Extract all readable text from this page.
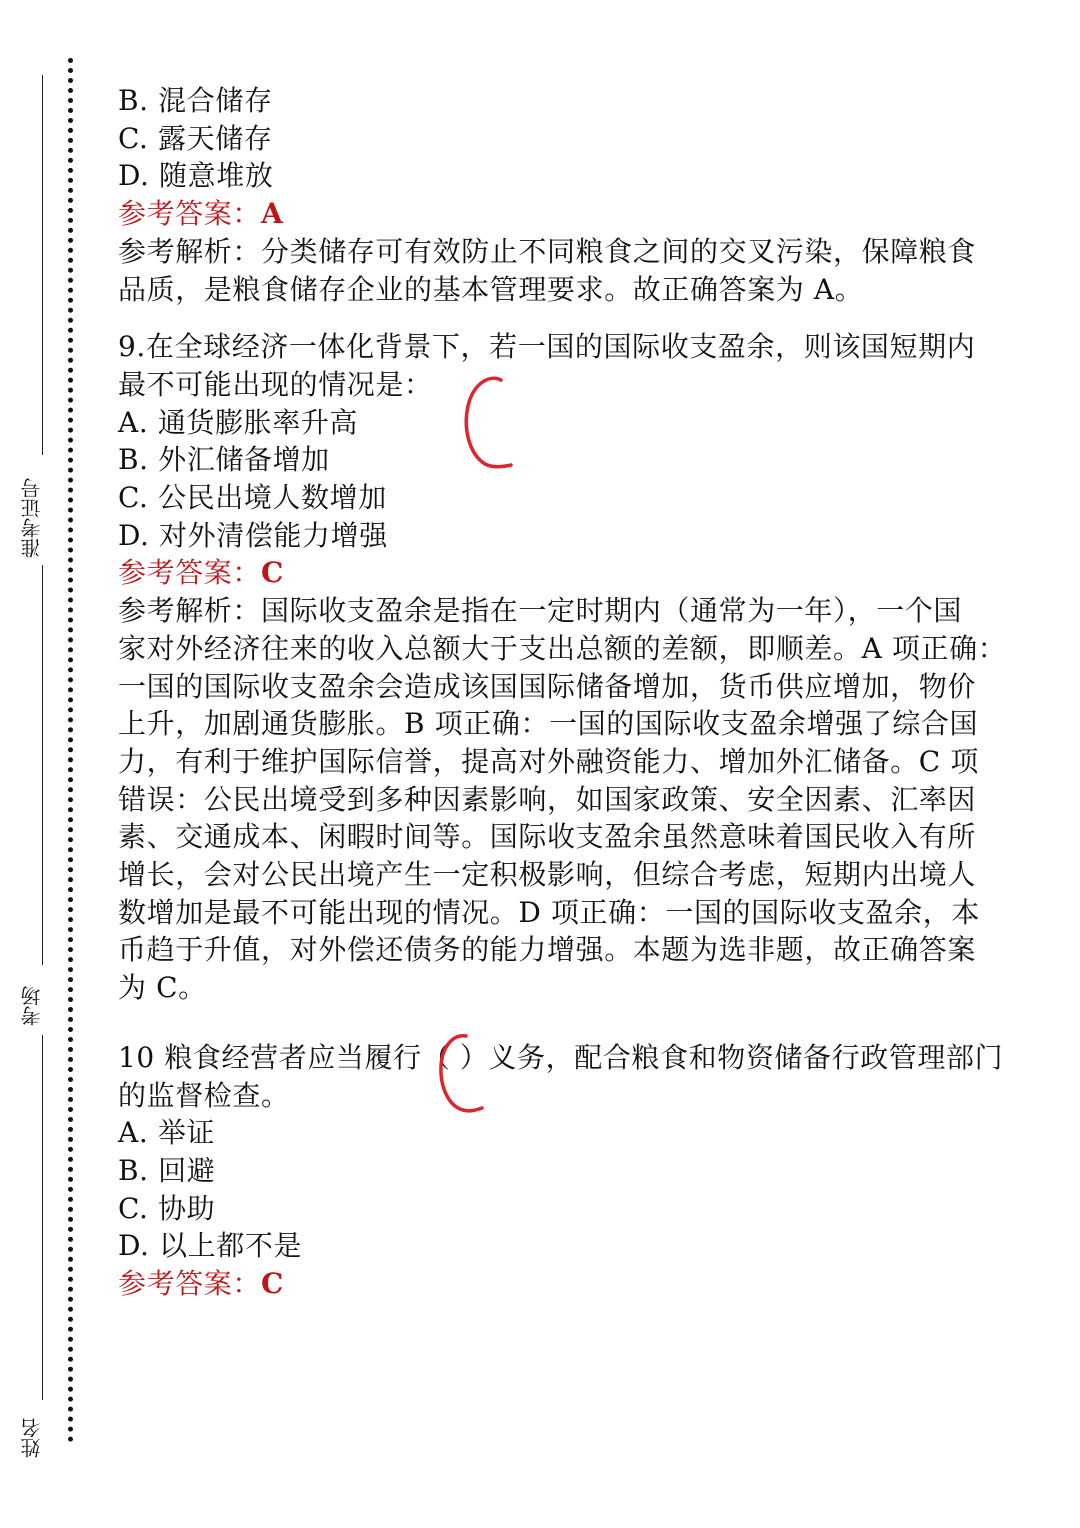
准考证号
考场
姓名
B. 混合储存
C. 露天储存
D. 随意堆放
参考答案：A
参考解析：分类储存可有效防止不同粮食之间的交叉污染，保障粮食
品质，是粮食储存企业的基本管理要求。故正确答案为 A。
9.在全球经济一体化背景下，若一国的国际收支盈余，则该国短期内
最不可能出现的情况是：
A. 通货膨胀率升高
B. 外汇储备增加
C. 公民出境人数增加
D. 对外清偿能力增强
参考答案：C
参考解析：国际收支盈余是指在一定时期内（通常为一年），一个国
家对外经济往来的收入总额大于支出总额的差额，即顺差。A 项正确：
一国的国际收支盈余会造成该国国际储备增加，货币供应增加，物价
上升，加剧通货膨胀。B 项正确：一国的国际收支盈余增强了综合国
力，有利于维护国际信誉，提高对外融资能力、增加外汇储备。C 项
错误：公民出境受到多种因素影响，如国家政策、安全因素、汇率因
素、交通成本、闲暇时间等。国际收支盈余虽然意味着国民收入有所
增长，会对公民出境产生一定积极影响，但综合考虑，短期内出境人
数增加是最不可能出现的情况。D 项正确：一国的国际收支盈余，本
币趋于升值，对外偿还债务的能力增强。本题为选非题，故正确答案
为 C。
10 粮食经营者应当履行（ ）义务，配合粮食和物资储备行政管理部门
的监督检查。
A. 举证
B. 回避
C. 协助
D. 以上都不是
参考答案：C
